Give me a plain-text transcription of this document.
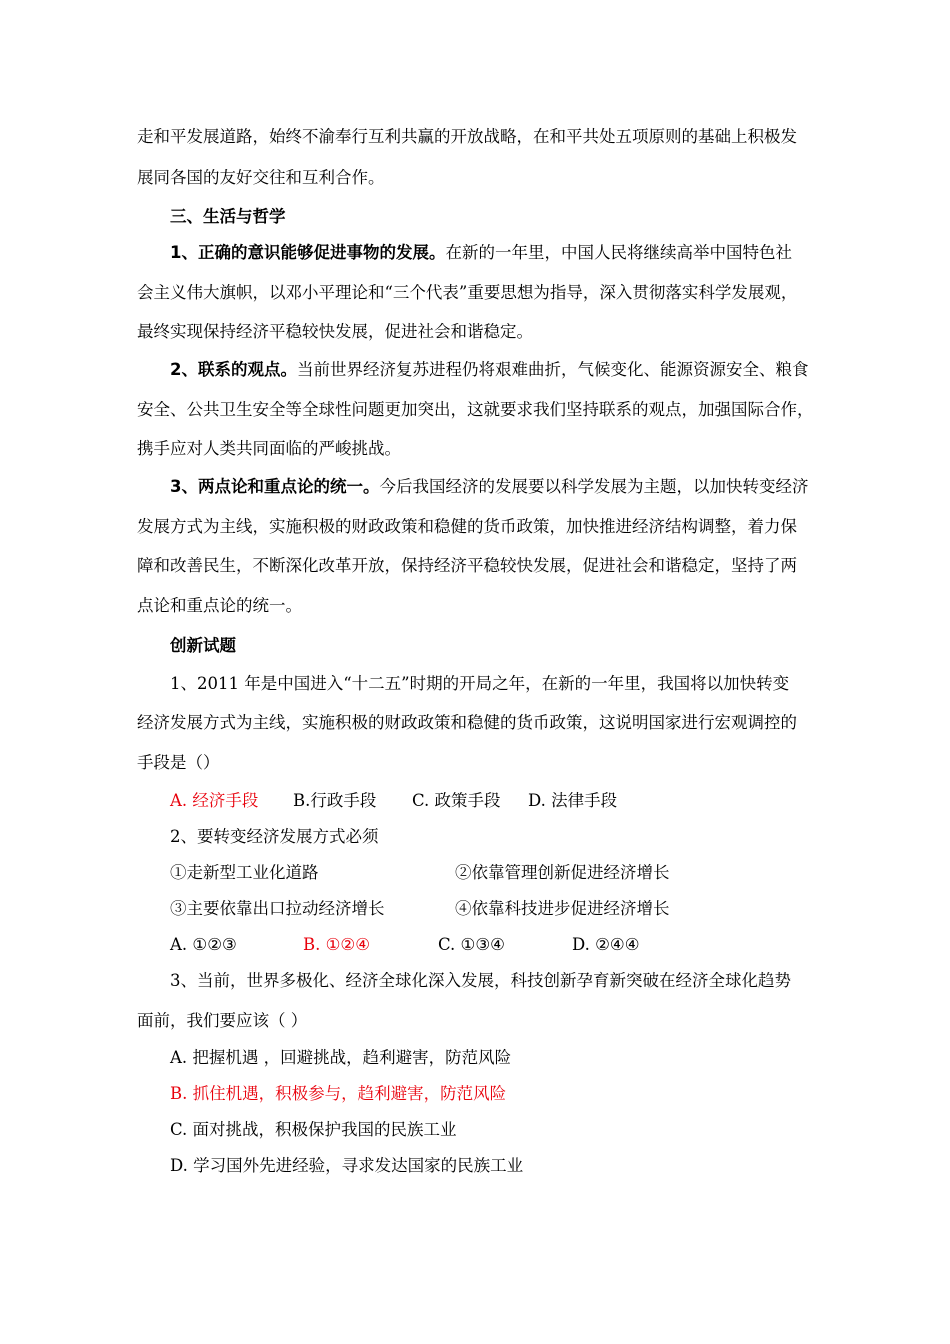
走和平发展道路，始终不渝奉行互利共赢的开放战略，在和平共处五项原则的基础上积极发
展同各国的友好交往和互利合作。
三、生活与哲学
1、正确的意识能够促进事物的发展。在新的一年里，中国人民将继续高举中国特色社
会主义伟大旗帜，以邓小平理论和“三个代表”重要思想为指导，深入贯彻落实科学发展观，
最终实现保持经济平稳较快发展，促进社会和谐稳定。
2、联系的观点。当前世界经济复苏进程仍将艰难曲折，气候变化、能源资源安全、粮食
安全、公共卫生安全等全球性问题更加突出，这就要求我们坚持联系的观点，加强国际合作，
携手应对人类共同面临的严峻挑战。
3、两点论和重点论的统一。今后我国经济的发展要以科学发展为主题，以加快转变经济
发展方式为主线，实施积极的财政政策和稳健的货币政策，加快推进经济结构调整，着力保
障和改善民生，不断深化改革开放，保持经济平稳较快发展，促进社会和谐稳定，坚持了两
点论和重点论的统一。
创新试题
1、2011 年是中国进入“十二五”时期的开局之年，在新的一年里，我国将以加快转变
经济发展方式为主线，实施积极的财政政策和稳健的货币政策，这说明国家进行宏观调控的
手段是（）
A. 经济手段 B.行政手段 C. 政策手段 D. 法律手段
2、要转变经济发展方式必须
①走新型工业化道路	②依靠管理创新促进经济增长
③主要依靠出口拉动经济增长	④依靠科技进步促进经济增长
A. ①②③	B. ①②④	C. ①③④	D. ②④④
3、当前，世界多极化、经济全球化深入发展，科技创新孕育新突破在经济全球化趋势
面前，我们要应该（ ）
A. 把握机遇 ，回避挑战，趋利避害，防范风险
B. 抓住机遇，积极参与，趋利避害，防范风险
C. 面对挑战，积极保护我国的民族工业
D. 学习国外先进经验，寻求发达国家的民族工业
